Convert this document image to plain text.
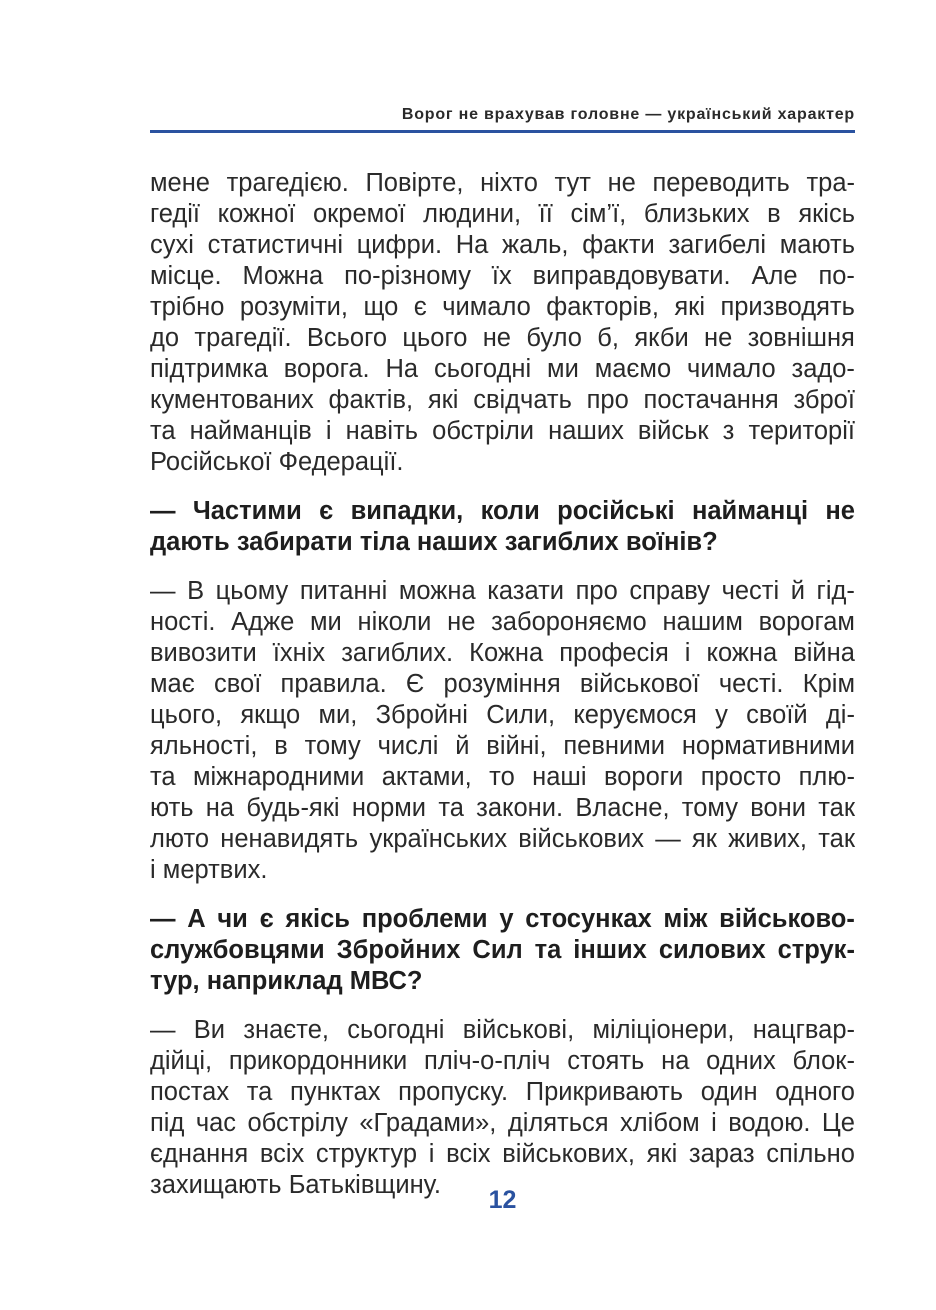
Ворог не врахував головне — український характер
мене трагедією. Повірте, ніхто тут не переводить тра-
гедії кожної окремої людини, її сім’ї, близьких в якісь
сухі статистичні цифри. На жаль, факти загибелі мають
місце. Можна по-різному їх виправдовувати. Але по-
трібно розуміти, що є чимало факторів, які призводять
до трагедії. Всього цього не було б, якби не зовнішня
підтримка ворога. На сьогодні ми маємо чимало задо-
кументованих фактів, які свідчать про постачання зброї
та найманців і навіть обстріли наших військ з території
Російської Федерації.
— Частими є випадки, коли російські найманці не
дають забирати тіла наших загиблих воїнів?
— В цьому питанні можна казати про справу честі й гід-
ності. Адже ми ніколи не забороняємо нашим ворогам
вивозити їхніх загиблих. Кожна професія і кожна війна
має свої правила. Є розуміння військової честі. Крім
цього, якщо ми, Збройні Сили, керуємося у своїй ді-
яльності, в тому числі й війні, певними нормативними
та міжнародними актами, то наші вороги просто плю-
ють на будь-які норми та закони. Власне, тому вони так
люто ненавидять українських військових — як живих, так
і мертвих.
— А чи є якісь проблеми у стосунках між військово-
службовцями Збройних Сил та інших силових струк-
тур, наприклад МВС?
— Ви знаєте, сьогодні військові, міліціонери, нацгвар-
дійці, прикордонники пліч-о-пліч стоять на одних блок-
постах та пунктах пропуску. Прикривають один одного
під час обстрілу «Градами», діляться хлібом і водою. Це
єднання всіх структур і всіх військових, які зараз спільно
захищають Батьківщину.
12
